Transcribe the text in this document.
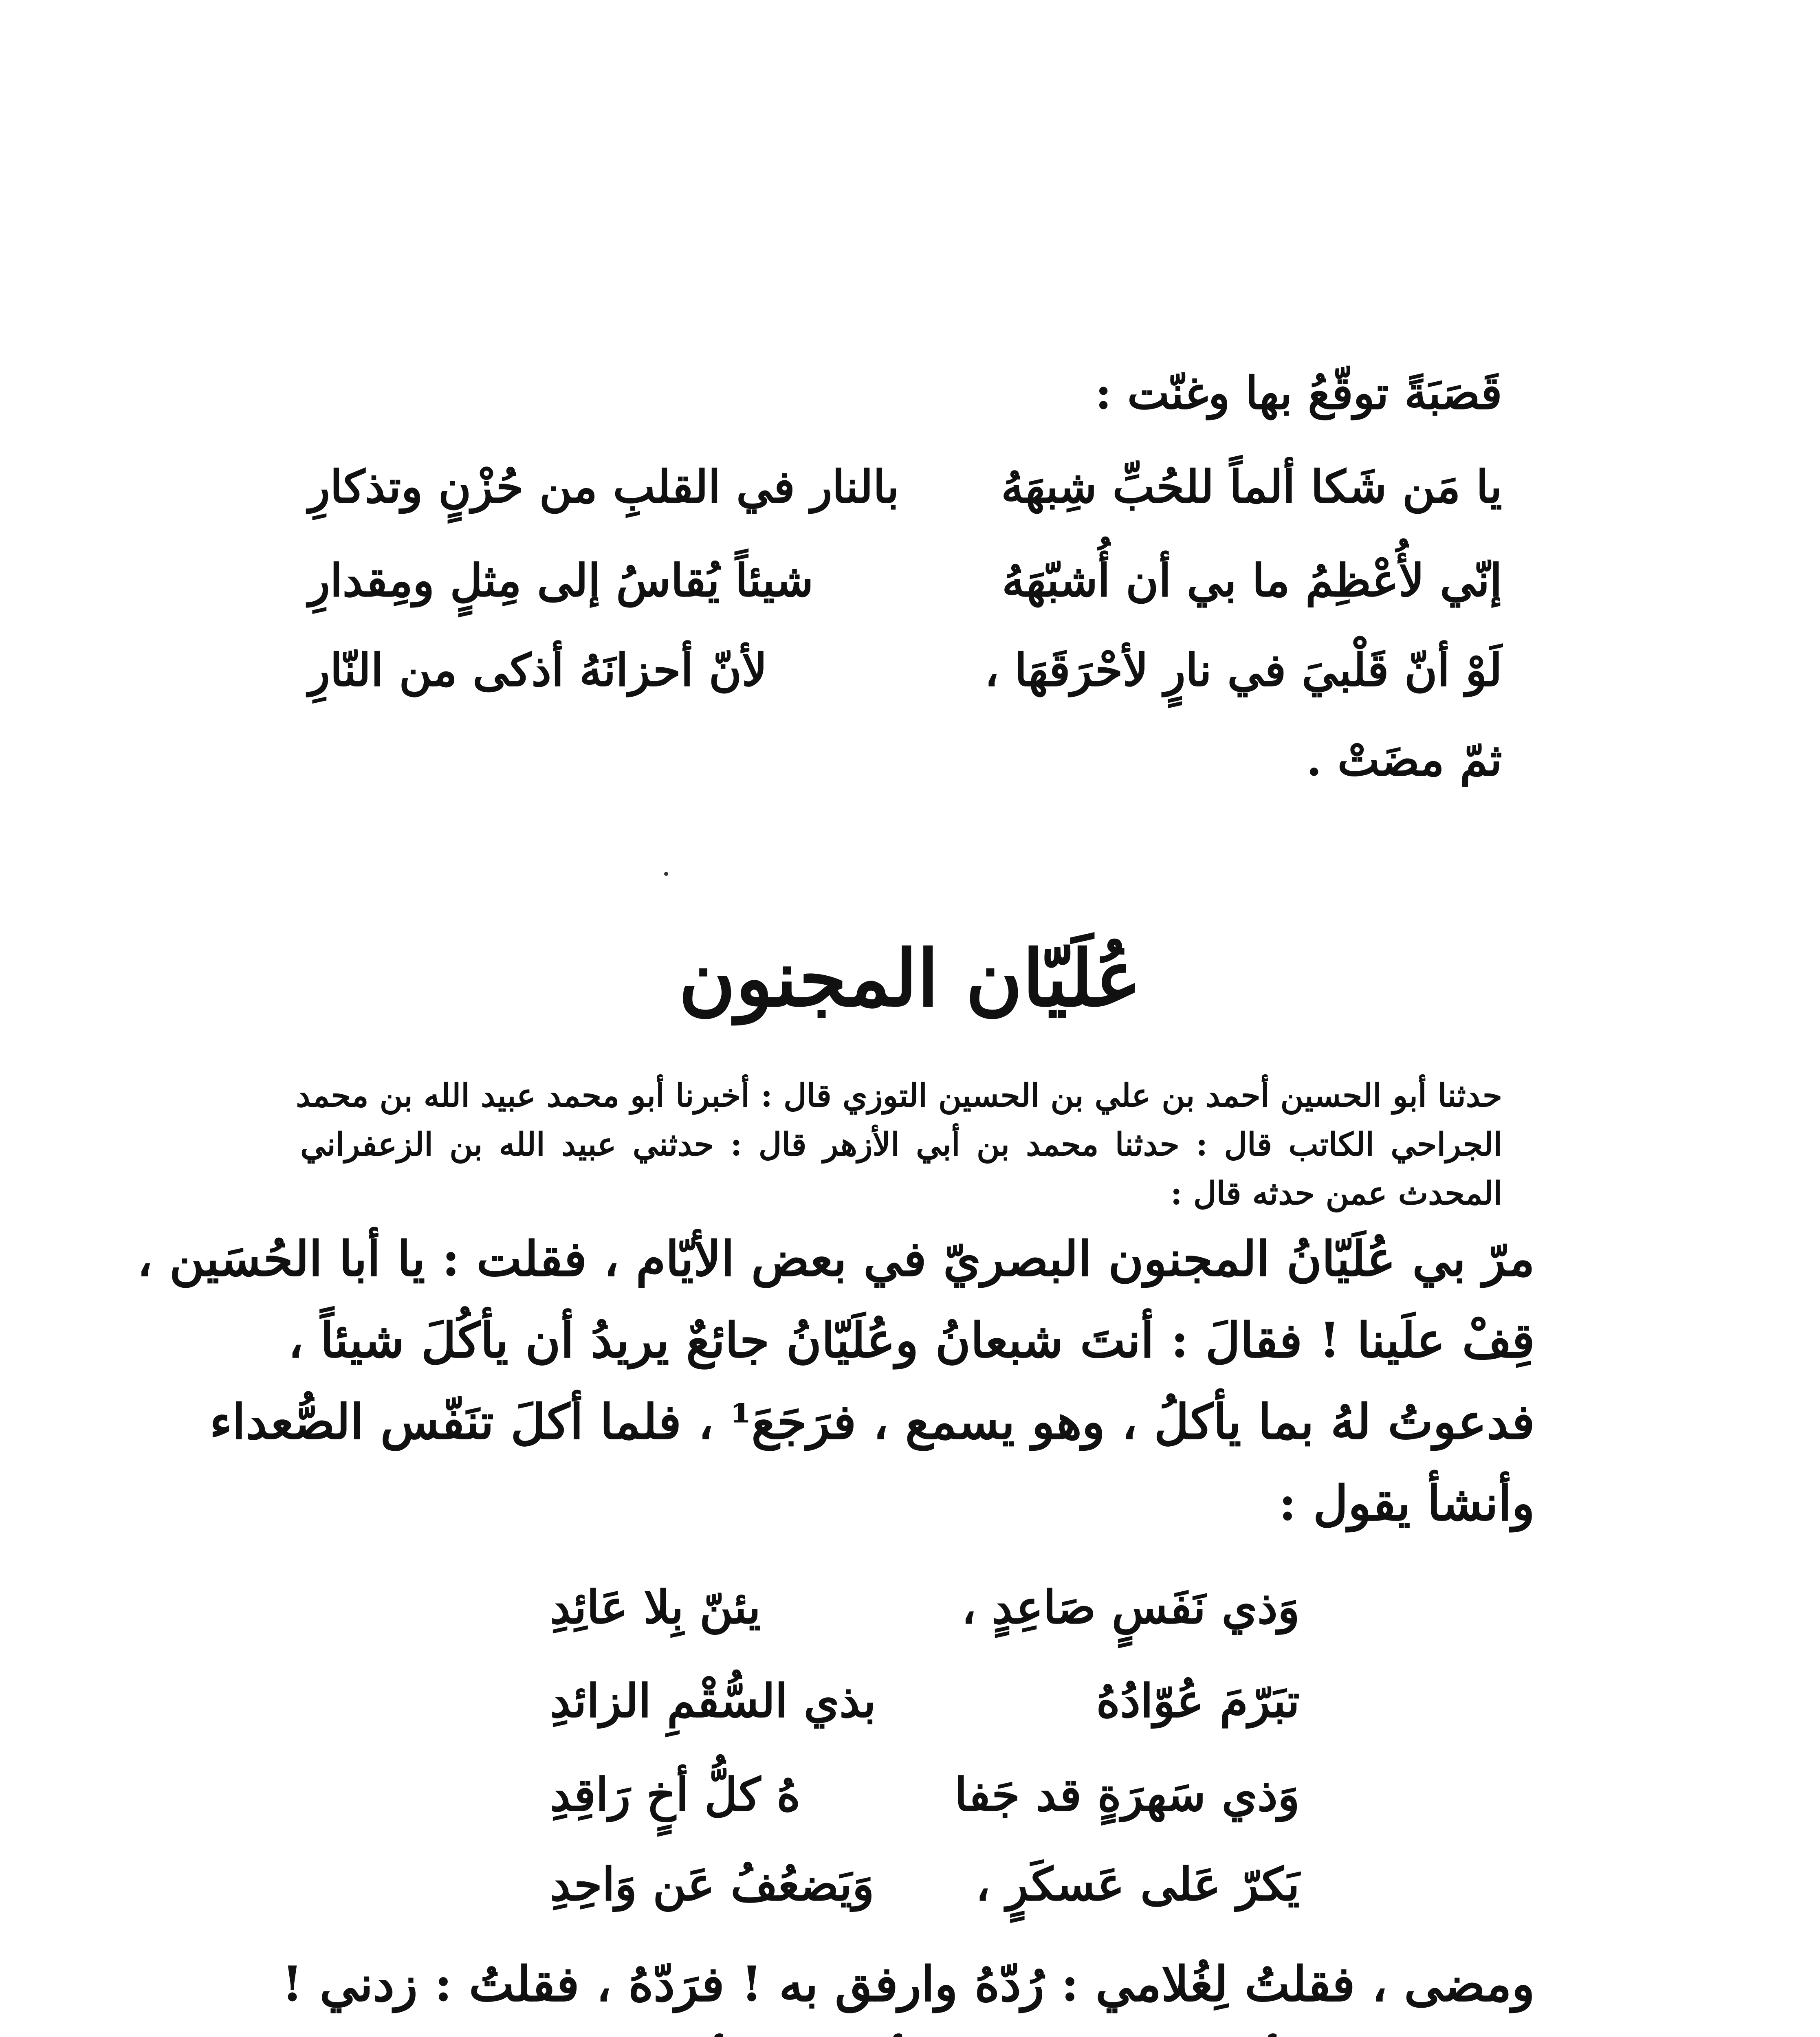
قَصَبَةً توقّعُ بها وغنّت :
يا مَن شَكا ألماً للحُبِّ شِبهَهُ
بالنار في القلبِ من حُزْنٍ وتذكارِ
إنّي لأُعْظِمُ ما بي أن أُشبّهَهُ
شيئاً يُقاسُ إلى مِثلٍ ومِقدارِ
لَوْ أنّ قَلْبيَ في نارٍ لأحْرَقَهَا ،
لأنّ أحزانَهُ أذكى من النّارِ
ثمّ مضَتْ .
عُلَيّان المجنون
حدثنا أبو الحسين أحمد بن علي بن الحسين التوزي قال : أخبرنا أبو محمد عبيد الله بن محمد
الجراحي الكاتب قال : حدثنا محمد بن أبي الأزهر قال : حدثني عبيد الله بن الزعفراني
المحدث عمن حدثه قال :
مرّ بي عُلَيّانُ المجنون البصريّ في بعض الأيّام ، فقلت : يا أبا الحُسَين ،
قِفْ علَينا ! فقالَ : أنتَ شبعانُ وعُلَيّانُ جائعٌ يريدُ أن يأكُلَ شيئاً ،
فدعوتُ لهُ بما يأكلُ ، وهو يسمع ، فرَجَعَ¹ ، فلما أكلَ تنَفّس الصُّعداء
وأنشأ يقول :
وَذي نَفَسٍ صَاعِدٍ ،
يئنّ بِلا عَائِدِ
تبَرّمَ عُوّادُهُ
بذي السُّقْمِ الزائدِ
وَذي سَهرَةٍ قد جَفا
هُ كلُّ أخٍ رَاقِدِ
يَكرّ عَلى عَسكَرٍ ،
وَيَضعُفُ عَن وَاحِدِ
ومضى ، فقلتُ لِغُلامي : رُدّهُ وارفق به ! فرَدّهُ ، فقلتُ : زدني !
